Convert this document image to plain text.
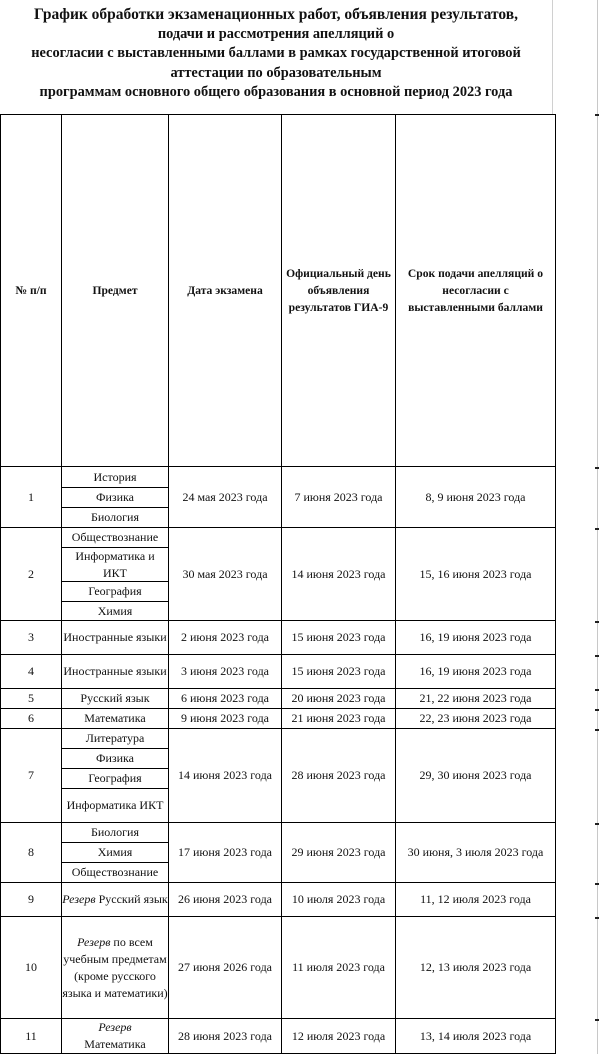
График обработки экзаменационных работ, объявления результатов,
подачи и рассмотрения апелляций о
несогласии с выставленными баллами в рамках государственной итоговой
аттестации по образовательным
программам основного общего образования в основной период 2023 года
№ п/п	Предмет	Дата экзамена	Официальный день объявления результатов ГИА-9	Срок подачи апелляций о несогласии с выставленными баллами
1	История
Физика
Биология	24 мая 2023 года	7 июня 2023 года	8, 9 июня 2023 года
2	Обществознание
Информатика и ИКТ
География
Химия	30 мая 2023 года	14 июня 2023 года	15, 16 июня 2023 года
3	Иностранные языки	2 июня 2023 года	15 июня 2023 года	16, 19 июня 2023 года
4	Иностранные языки	3 июня 2023 года	15 июня 2023 года	16, 19 июня 2023 года
5	Русский язык	6 июня 2023 года	20 июня 2023 года	21, 22 июня 2023 года
6	Математика	9 июня 2023 года	21 июня 2023 года	22, 23 июня 2023 года
7	Литература
Физика
География
Информатика ИКТ	14 июня 2023 года	28 июня 2023 года	29, 30 июня 2023 года
8	Биология
Химия
Обществознание	17 июня 2023 года	29 июня 2023 года	30 июня, 3 июля 2023 года
9	Резерв Русский язык	26 июня 2023 года	10 июля 2023 года	11, 12 июля 2023 года
10	Резерв по всем учебным предметам (кроме русского языка и математики)	27 июня 2026 года	11 июля 2023 года	12, 13 июля 2023 года
11	Резерв
Математика	28 июня 2023 года	12 июля 2023 года	13, 14 июля 2023 года
